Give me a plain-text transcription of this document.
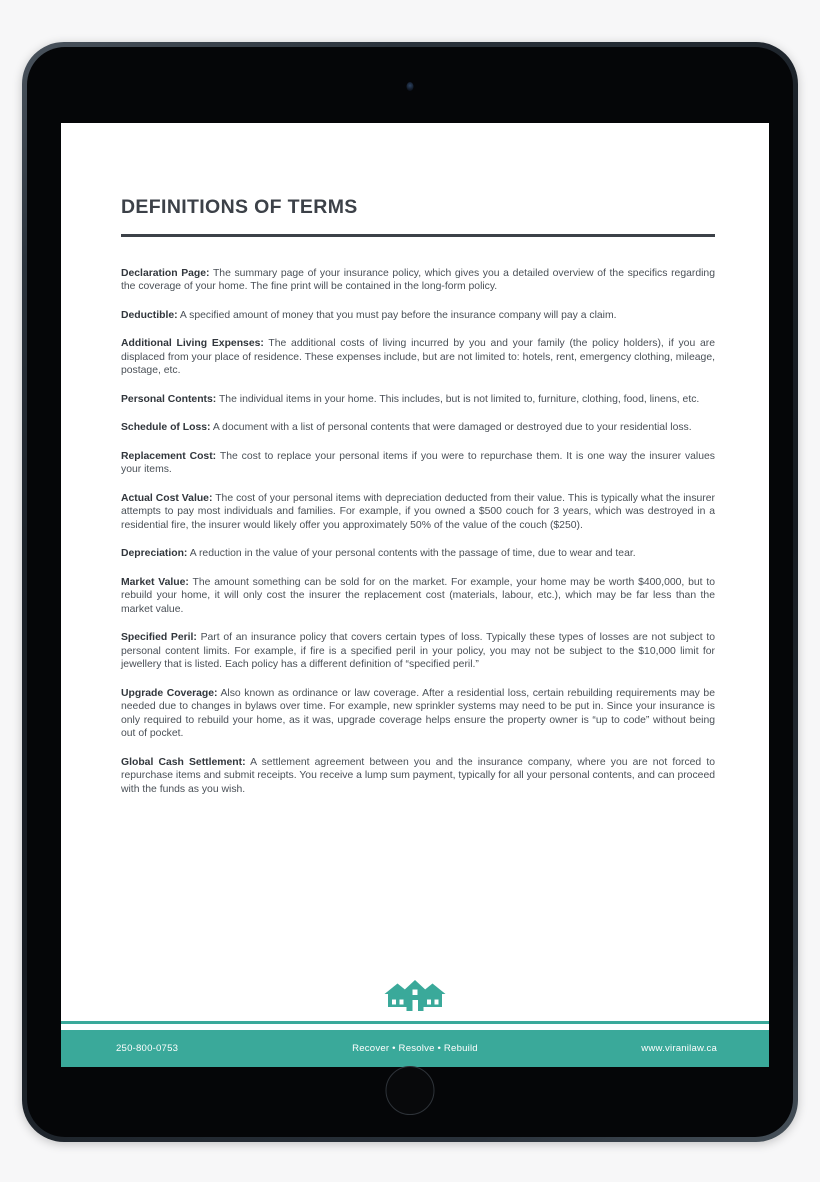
DEFINITIONS OF TERMS

Declaration Page: The summary page of your insurance policy, which gives you a detailed overview of the specifics regarding the coverage of your home. The fine print will be contained in the long-form policy.

Deductible: A specified amount of money that you must pay before the insurance company will pay a claim.

Additional Living Expenses: The additional costs of living incurred by you and your family (the policy holders), if you are displaced from your place of residence. These expenses include, but are not limited to: hotels, rent, emergency clothing, mileage, postage, etc.

Personal Contents: The individual items in your home. This includes, but is not limited to, furniture, clothing, food, linens, etc.

Schedule of Loss: A document with a list of personal contents that were damaged or destroyed due to your residential loss.

Replacement Cost: The cost to replace your personal items if you were to repurchase them. It is one way the insurer values your items.

Actual Cost Value: The cost of your personal items with depreciation deducted from their value. This is typically what the insurer attempts to pay most individuals and families. For example, if you owned a $500 couch for 3 years, which was destroyed in a residential fire, the insurer would likely offer you approximately 50% of the value of the couch ($250).

Depreciation: A reduction in the value of your personal contents with the passage of time, due to wear and tear.

Market Value: The amount something can be sold for on the market. For example, your home may be worth $400,000, but to rebuild your home, it will only cost the insurer the replacement cost (materials, labour, etc.), which may be far less than the market value.

Specified Peril: Part of an insurance policy that covers certain types of loss. Typically these types of losses are not subject to personal content limits. For example, if fire is a specified peril in your policy, you may not be subject to the $10,000 limit for jewellery that is listed. Each policy has a different definition of “specified peril.”

Upgrade Coverage: Also known as ordinance or law coverage. After a residential loss, certain rebuilding requirements may be needed due to changes in bylaws over time. For example, new sprinkler systems may need to be put in. Since your insurance is only required to rebuild your home, as it was, upgrade coverage helps ensure the property owner is “up to code” without being out of pocket.

Global Cash Settlement: A settlement agreement between you and the insurance company, where you are not forced to repurchase items and submit receipts. You receive a lump sum payment, typically for all your personal contents, and can proceed with the funds as you wish.

250-800-0753	Recover • Resolve • Rebuild	www.viranilaw.ca
